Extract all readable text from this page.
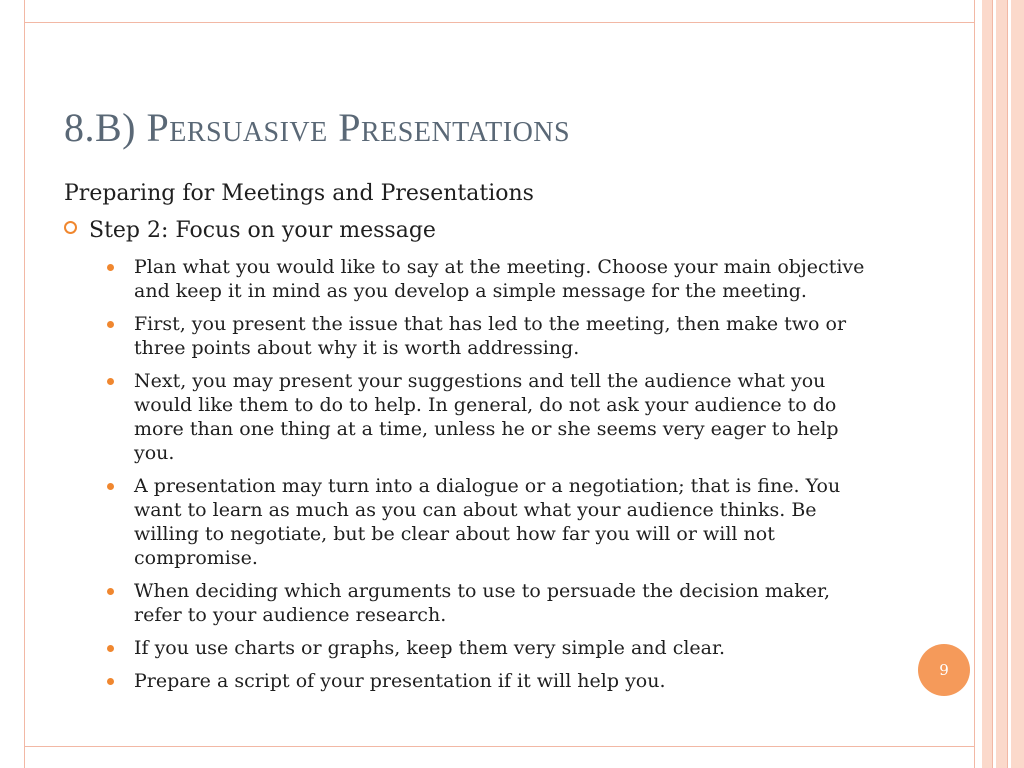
8.B) Persuasive Presentations
Preparing for Meetings and Presentations
Step 2: Focus on your message
Plan what you would like to say at the meeting. Choose your main objective and keep it in mind as you develop a simple message for the meeting.
First, you present the issue that has led to the meeting, then make two or three points about why it is worth addressing.
Next, you may present your suggestions and tell the audience what you would like them to do to help. In general, do not ask your audience to do more than one thing at a time, unless he or she seems very eager to help you.
A presentation may turn into a dialogue or a negotiation; that is fine. You want to learn as much as you can about what your audience thinks. Be willing to negotiate, but be clear about how far you will or will not compromise.
When deciding which arguments to use to persuade the decision maker, refer to your audience research.
If you use charts or graphs, keep them very simple and clear.
Prepare a script of your presentation if it will help you.	9
